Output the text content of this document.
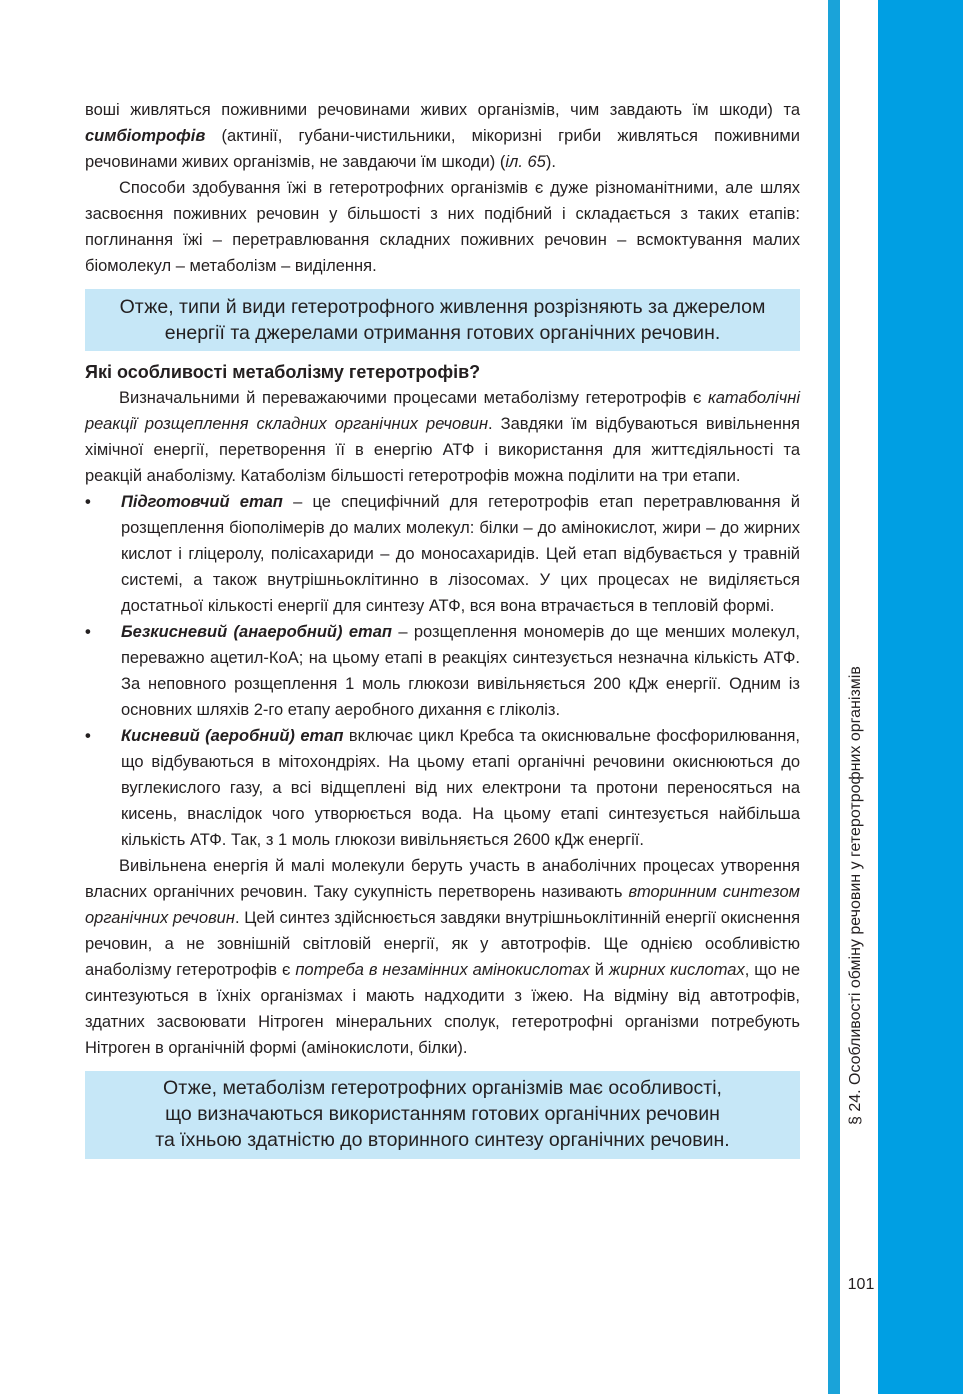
§ 24. Особливості обміну речовин у гетеротрофних організмів
101

воші живляться поживними речовинами живих організмів, чим завдають їм шкоди) та симбіотрофів (актинії, губани-чистильники, мікоризні гриби живляться поживними речовинами живих організмів, не завдаючи їм шкоди) (іл. 65).

Способи здобування їжі в гетеротрофних організмів є дуже різноманітними, але шлях засвоєння поживних речовин у більшості з них подібний і складається з таких етапів: поглинання їжі – перетравлювання складних поживних речовин – всмоктування малих біомолекул – метаболізм – виділення.

Отже, типи й види гетеротрофного живлення розрізняють за джерелом енергії та джерелами отримання готових органічних речовин.
Які особливості метаболізму гетеротрофів?

Визначальними й переважаючими процесами метаболізму гетеротрофів є катаболічні реакції розщеплення складних органічних речовин. Завдяки їм відбуваються вивільнення хімічної енергії, перетворення її в енергію АТФ і використання для життєдіяльності та реакцій анаболізму. Катаболізм більшості гетеротрофів можна поділити на три етапи.

• Підготовчий етап – це специфічний для гетеротрофів етап перетравлювання й розщеплення біополімерів до малих молекул: білки – до амінокислот, жири – до жирних кислот і гліцеролу, полісахариди – до моносахаридів. Цей етап відбувається у травній системі, а також внутрішньоклітинно в лізосомах. У цих процесах не виділяється достатньої кількості енергії для синтезу АТФ, вся вона втрачається в тепловій формі.
• Безкисневий (анаеробний) етап – розщеплення мономерів до ще менших молекул, переважно ацетил-КоА; на цьому етапі в реакціях синтезується незначна кількість АТФ. За неповного розщеплення 1 моль глюкози вивільняється 200 кДж енергії. Одним із основних шляхів 2-го етапу аеробного дихання є гліколіз.
• Кисневий (аеробний) етап включає цикл Кребса та окиснювальне фосфорилювання, що відбуваються в мітохондріях. На цьому етапі органічні речовини окиснюються до вуглекислого газу, а всі відщеплені від них електрони та протони переносяться на кисень, внаслідок чого утворюється вода. На цьому етапі синтезується найбільша кількість АТФ. Так, з 1 моль глюкози вивільняється 2600 кДж енергії.

Вивільнена енергія й малі молекули беруть участь в анаболічних процесах утворення власних органічних речовин. Таку сукупність перетворень називають вторинним синтезом органічних речовин. Цей синтез здійснюється завдяки внутрішньоклітинній енергії окиснення речовин, а не зовнішній світловій енергії, як у автотрофів. Ще однією особливістю анаболізму гетеротрофів є потреба в незамінних амінокислотах й жирних кислотах, що не синтезуються в їхніх організмах і мають надходити з їжею. На відміну від автотрофів, здатних засвоювати Нітроген мінеральних сполук, гетеротрофні організми потребують Нітроген в органічній формі (амінокислоти, білки).

Отже, метаболізм гетеротрофних організмів має особливості,
що визначаються використанням готових органічних речовин
та їхньою здатністю до вторинного синтезу органічних речовин.
